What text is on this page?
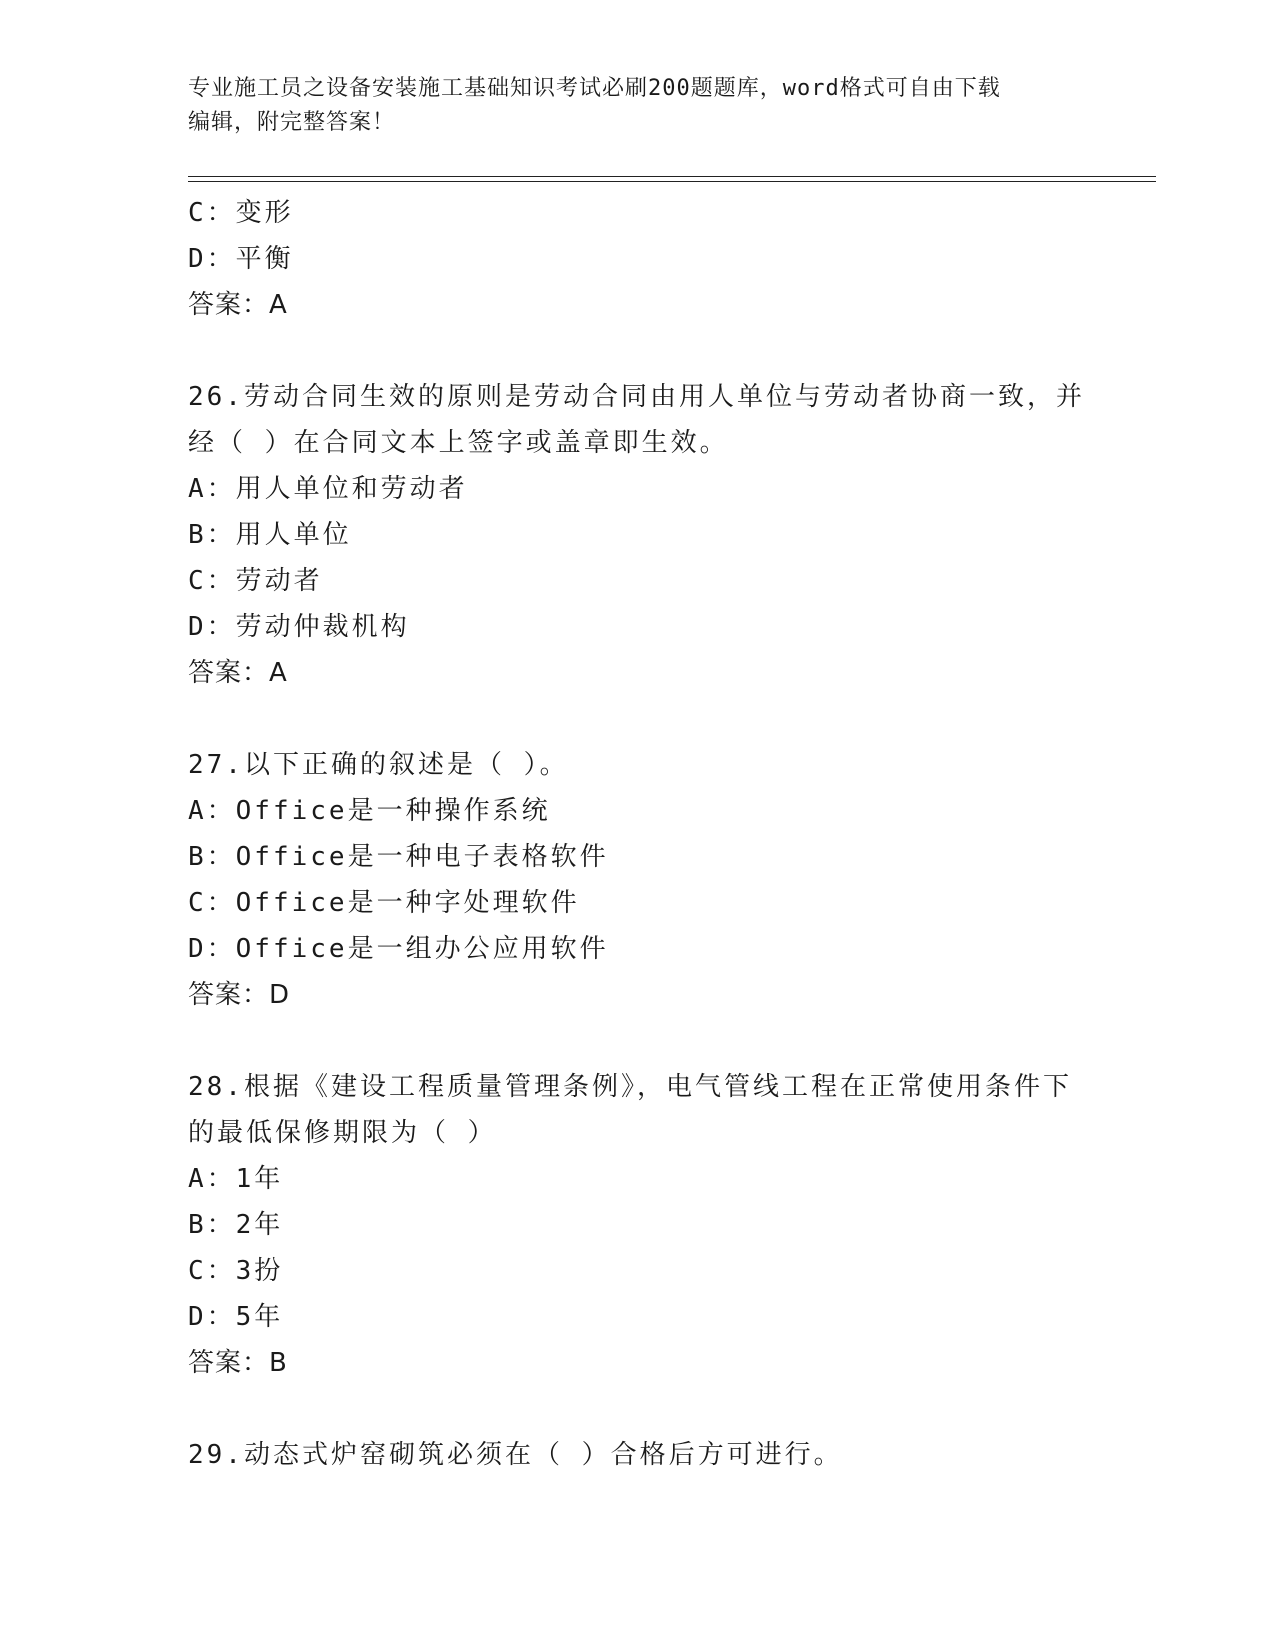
专业施工员之设备安装施工基础知识考试必刷200题题库，word格式可自由下载
编辑，附完整答案！
C：变形
D：平衡
答案：A
26.劳动合同生效的原则是劳动合同由用人单位与劳动者协商一致，并
经（ ）在合同文本上签字或盖章即生效。
A：用人单位和劳动者
B：用人单位
C：劳动者
D：劳动仲裁机构
答案：A
27.以下正确的叙述是（ ）。
A：Office是一种操作系统
B：Office是一种电子表格软件
C：Office是一种字处理软件
D：Office是一组办公应用软件
答案：D
28.根据《建设工程质量管理条例》，电气管线工程在正常使用条件下
的最低保修期限为（ ）
A：1年
B：2年
C：3扮
D：5年
答案：B
29.动态式炉窑砌筑必须在（ ）合格后方可进行。
